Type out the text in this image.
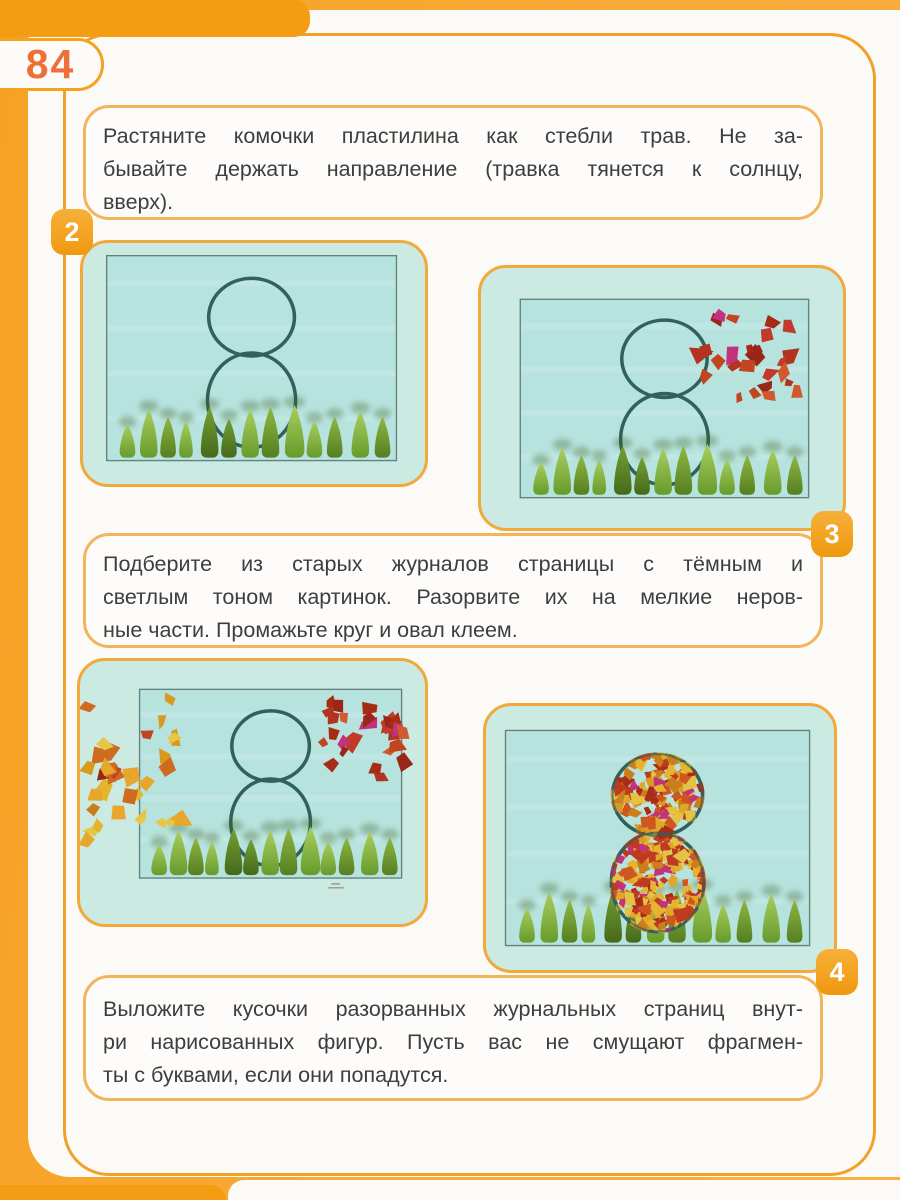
84
Растяните комочки пластилина как стебли трав. Не за-
бывайте держать направление (травка тянется к солнцу,
вверх).
Подберите из старых журналов страницы с тёмным и
светлым тоном картинок. Разорвите их на мелкие неров-
ные части. Промажьте круг и овал клеем.
Выложите кусочки разорванных журнальных страниц внут-
ри нарисованных фигур. Пусть вас не смущают фрагмен-
ты с буквами, если они попадутся.
2
3
4
